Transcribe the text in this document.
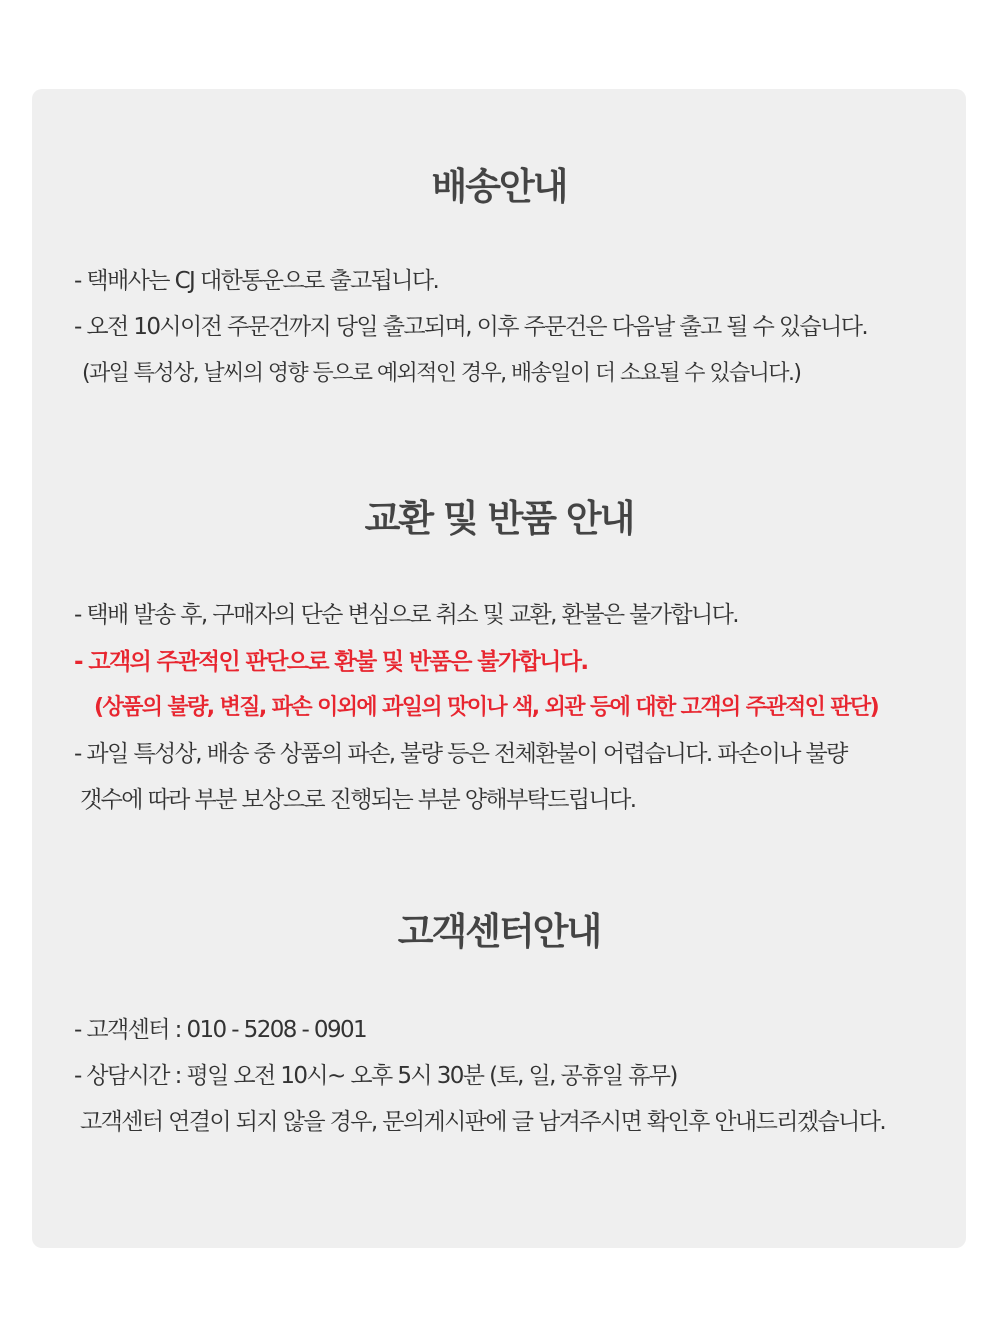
배송안내

- 택배사는 CJ 대한통운으로 출고됩니다.

- 오전 10시이전 주문건까지 당일 출고되며, 이후 주문건은 다음날 출고 될 수 있습니다.

(과일 특성상, 날씨의 영향 등으로 예외적인 경우, 배송일이 더 소요될 수 있습니다.)

교환 및 반품 안내

- 택배 발송 후, 구매자의 단순 변심으로 취소 및 교환, 환불은 불가합니다.

- 고객의 주관적인 판단으로 환불 및 반품은 불가합니다.

(상품의 불량, 변질, 파손 이외에 과일의 맛이나 색, 외관 등에 대한 고객의 주관적인 판단)

- 과일 특성상, 배송 중 상품의 파손, 불량 등은 전체환불이 어렵습니다. 파손이나 불량

갯수에 따라 부분 보상으로 진행되는 부분 양해부탁드립니다.

고객센터안내

- 고객센터 : 010 - 5208 - 0901

- 상담시간 : 평일 오전 10시~ 오후 5시 30분 (토, 일, 공휴일 휴무)

고객센터 연결이 되지 않을 경우, 문의게시판에 글 남겨주시면 확인후 안내드리겠습니다.
